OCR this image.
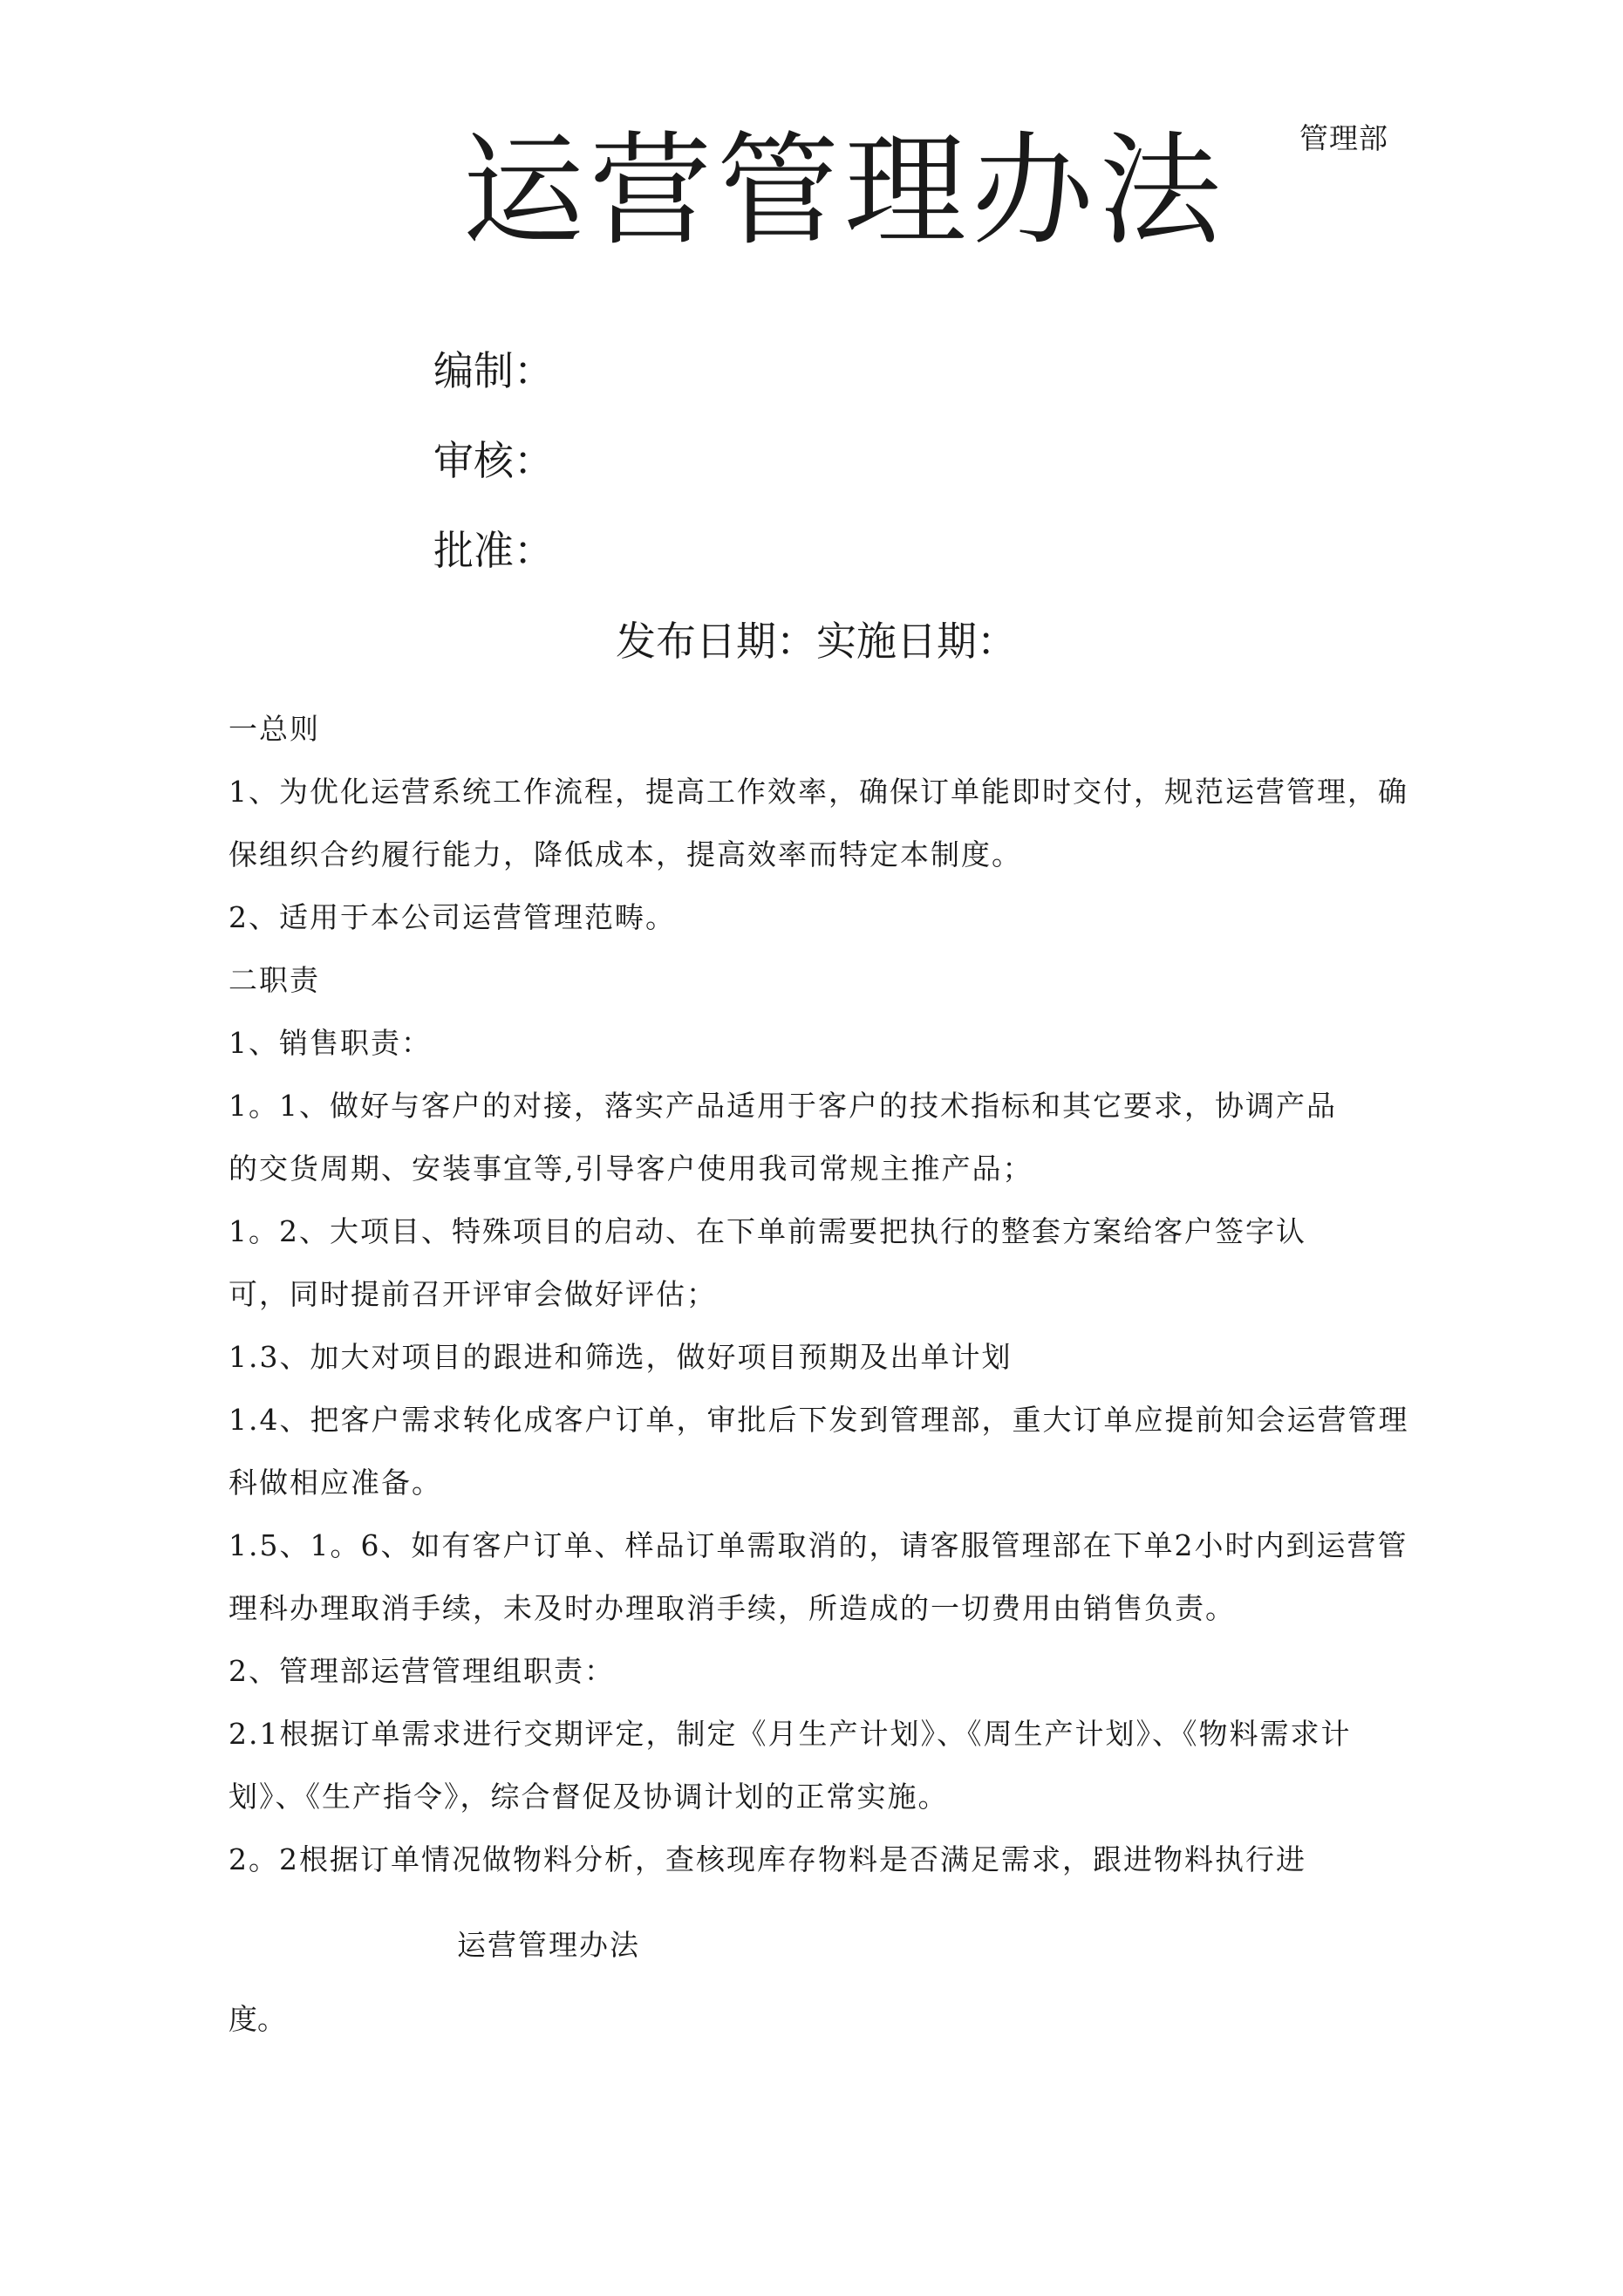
管理部
运营管理办法
编制：
审核：
批准：
发布日期：实施日期：

一总则

1、为优化运营系统工作流程，提高工作效率，确保订单能即时交付，规范运营管理，确保组织合约履行能力，降低成本，提高效率而特定本制度。

2、适用于本公司运营管理范畴。

二职责

1、销售职责：

1。1、做好与客户的对接，落实产品适用于客户的技术指标和其它要求，协调产品的交货周期、安装事宜等,引导客户使用我司常规主推产品；

1。2、大项目、特殊项目的启动、在下单前需要把执行的整套方案给客户签字认可，同时提前召开评审会做好评估；

1.3、加大对项目的跟进和筛选，做好项目预期及出单计划

1.4、把客户需求转化成客户订单，审批后下发到管理部，重大订单应提前知会运营管理科做相应准备。

1.5、1。6、如有客户订单、样品订单需取消的，请客服管理部在下单2小时内到运营管理科办理取消手续，未及时办理取消手续，所造成的一切费用由销售负责。

2、管理部运营管理组职责：

2.1根据订单需求进行交期评定，制定《月生产计划》、《周生产计划》、《物料需求计划》、《生产指令》，综合督促及协调计划的正常实施。

2。2根据订单情况做物料分析，查核现库存物料是否满足需求，跟进物料执行进

运营管理办法
度。
